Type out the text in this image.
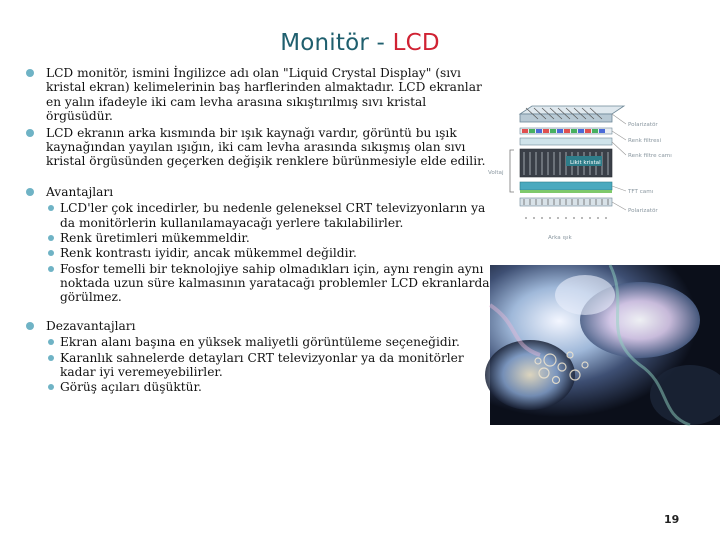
Monitör - LCD
LCD monitör, ismini İngilizce adı olan "Liquid Crystal Display" (sıvı kristal ekran) kelimelerinin baş harflerinden almaktadır. LCD ekranlar en yalın ifadeyle iki cam levha arasına sıkıştırılmış sıvı kristal örgüsüdür.
LCD ekranın arka kısmında bir ışık kaynağı vardır, görüntü bu ışık kaynağından yayılan ışığın, iki cam levha arasında sıkışmış olan sıvı kristal örgüsünden geçerken değişik renklere bürünmesiyle elde edilir.
Avantajları
LCD'ler çok incedirler, bu nedenle geleneksel CRT televizyonların ya da monitörlerin kullanılamayacağı yerlere takılabilirler.
Renk üretimleri mükemmeldir.
Renk kontrastı iyidir, ancak mükemmel değildir.
Fosfor temelli bir teknolojiye sahip olmadıkları için, aynı rengin aynı noktada uzun süre kalmasının yaratacağı problemler LCD ekranlarda görülmez.
Dezavantajları
Ekran alanı başına en yüksek maliyetli görüntüleme seçeneğidir.
Karanlık sahnelerde detayları CRT televizyonlar ya da monitörler kadar iyi veremeyebilirler.
Görüş açıları düşüktür.
Polarizatör
Renk filtresi
Renk filtre camı
TFT camı
Polarizatör
Arka ışık
Voltaj
Likit kristal
19
